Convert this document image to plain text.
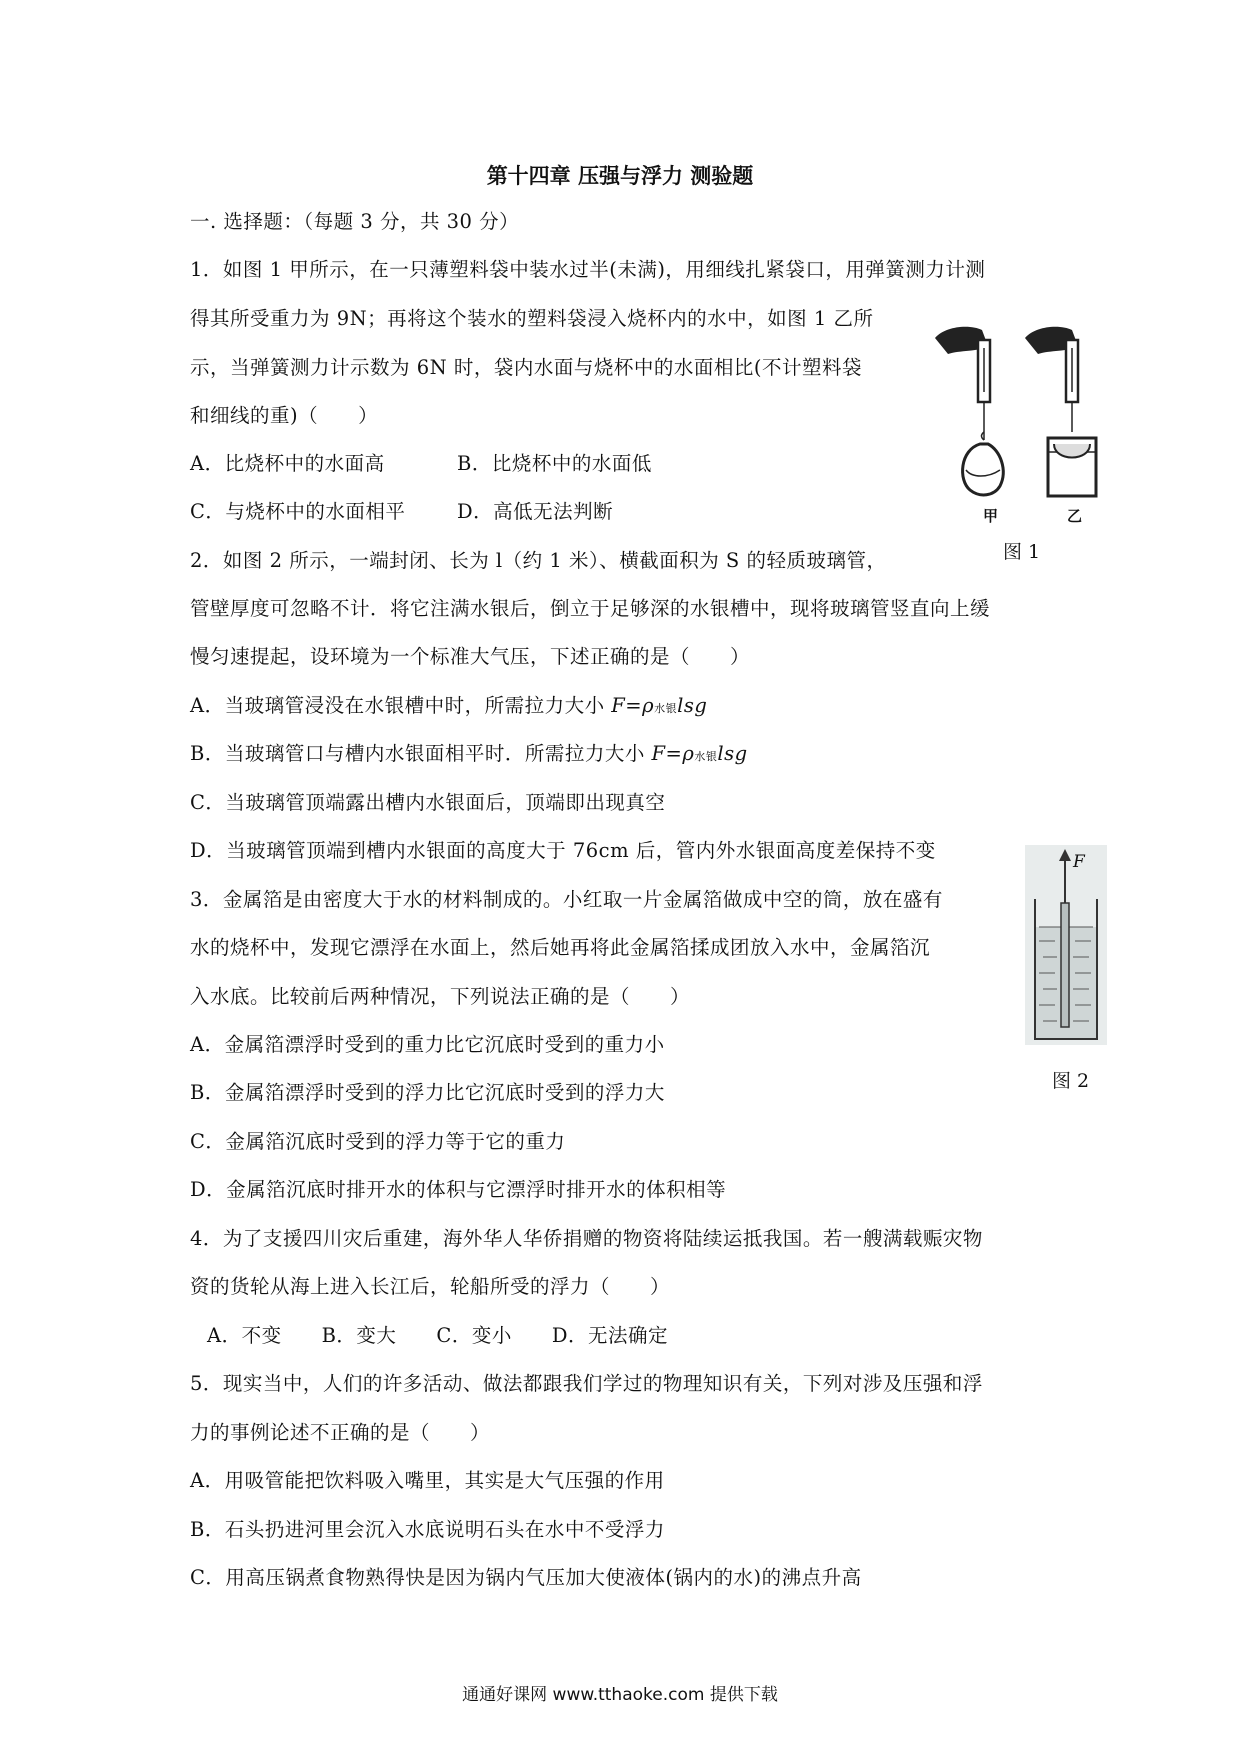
第十四章 压强与浮力 测验题
一. 选择题：（每题 3 分，共 30 分）
1．如图 1 甲所示，在一只薄塑料袋中装水过半(未满)，用细线扎紧袋口，用弹簧测力计测
得其所受重力为 9N；再将这个装水的塑料袋浸入烧杯内的水中，如图 1 乙所
示，当弹簧测力计示数为 6N 时，袋内水面与烧杯中的水面相比(不计塑料袋
和细线的重)（　　）
A．比烧杯中的水面高	B．比烧杯中的水面低
C．与烧杯中的水面相平	D．高低无法判断	甲	乙
图 1
2．如图 2 所示，一端封闭、长为 l（约 1 米）、横截面积为 S 的轻质玻璃管，
管壁厚度可忽略不计．将它注满水银后，倒立于足够深的水银槽中，现将玻璃管竖直向上缓
慢匀速提起，设环境为一个标准大气压，下述正确的是（　　）
A．当玻璃管浸没在水银槽中时，所需拉力大小 F=ρ水银lsg
B．当玻璃管口与槽内水银面相平时．所需拉力大小 F=ρ水银lsg
C．当玻璃管顶端露出槽内水银面后，顶端即出现真空
D．当玻璃管顶端到槽内水银面的高度大于 76cm 后，管内外水银面高度差保持不变	F
图 2
3．金属箔是由密度大于水的材料制成的。小红取一片金属箔做成中空的筒，放在盛有
水的烧杯中，发现它漂浮在水面上，然后她再将此金属箔揉成团放入水中，金属箔沉
入水底。比较前后两种情况，下列说法正确的是（　　）
A．金属箔漂浮时受到的重力比它沉底时受到的重力小
B．金属箔漂浮时受到的浮力比它沉底时受到的浮力大
C．金属箔沉底时受到的浮力等于它的重力
D．金属箔沉底时排开水的体积与它漂浮时排开水的体积相等
4．为了支援四川灾后重建，海外华人华侨捐赠的物资将陆续运抵我国。若一艘满载赈灾物
资的货轮从海上进入长江后，轮船所受的浮力（　　）
A．不变　　B．变大　　C．变小　　D．无法确定
5．现实当中，人们的许多活动、做法都跟我们学过的物理知识有关，下列对涉及压强和浮
力的事例论述不正确的是（　　）
A．用吸管能把饮料吸入嘴里，其实是大气压强的作用
B．石头扔进河里会沉入水底说明石头在水中不受浮力
C．用高压锅煮食物熟得快是因为锅内气压加大使液体(锅内的水)的沸点升高
通通好课网 www.tthaoke.com 提供下载
